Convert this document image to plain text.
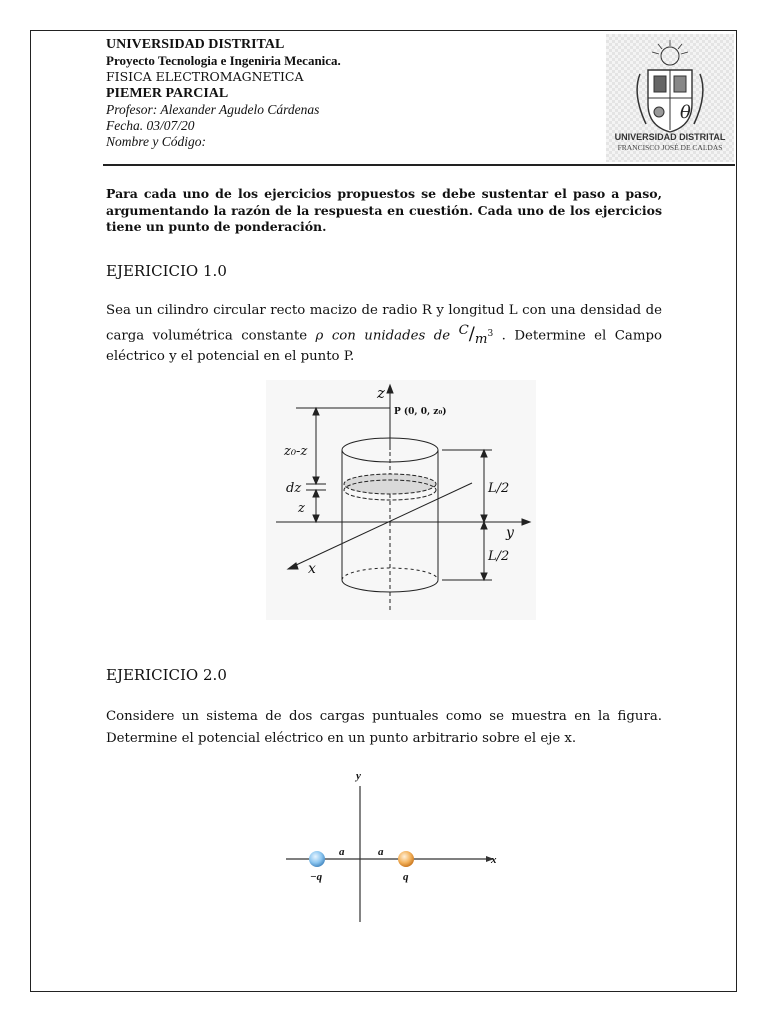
UNIVERSIDAD DISTRITAL
Proyecto Tecnologia e Ingeniria Mecanica.
FISICA ELECTROMAGNETICA
PIEMER PARCIAL
Profesor: Alexander Agudelo Cárdenas
Fecha. 03/07/20
Nombre y Código:
θ
UNIVERSIDAD DISTRITAL
FRANCISCO JOSÉ DE CALDAS
Para cada uno de los ejercicios propuestos se debe sustentar el paso a paso, argumentando la razón de la respuesta en cuestión. Cada uno de los ejercicios tiene un punto de ponderación.
EJERICICIO 1.0
Sea un cilindro circular recto macizo de radio R y longitud L con una densidad de carga volumétrica constante ρ con unidades de $C/m^3$ . Determine el Campo eléctrico y el potencial en el punto P.
z
P (0, 0, z₀)
z₀-z
dz
z
L/2
L/2
y
x
EJERICICIO 2.0
Considere un sistema de dos cargas puntuales como se muestra en la figura. Determine el potencial eléctrico en un punto arbitrario sobre el eje x.
y
x
a	a
−q	q
